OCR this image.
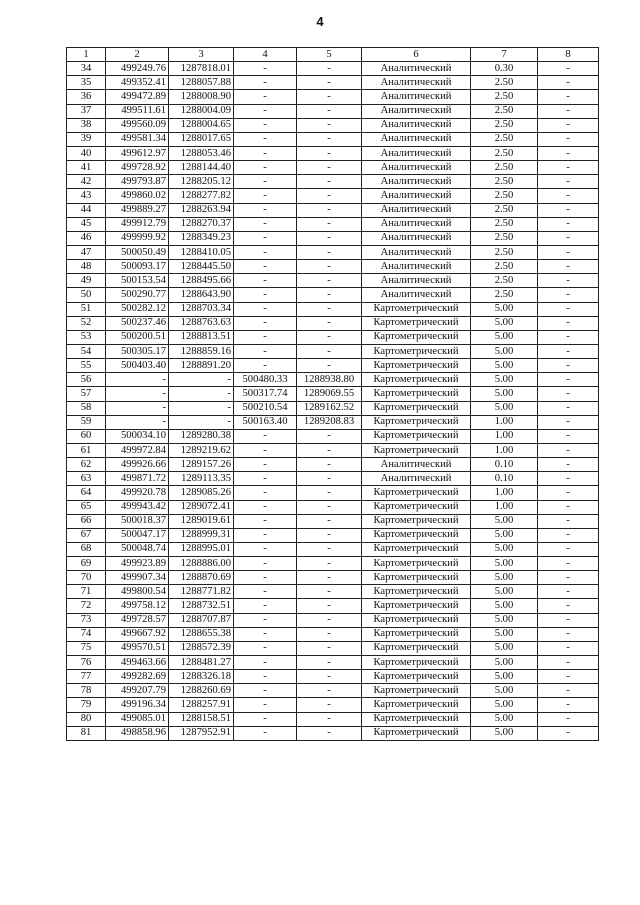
4
1	2	3	4	5	6	7	8
34	499249.76	1287818.01	-	-	Аналитический	0.30	-
35	499352.41	1288057.88	-	-	Аналитический	2.50	-
36	499472.89	1288008.90	-	-	Аналитический	2.50	-
37	499511.61	1288004.09	-	-	Аналитический	2.50	-
38	499560.09	1288004.65	-	-	Аналитический	2.50	-
39	499581.34	1288017.65	-	-	Аналитический	2.50	-
40	499612.97	1288053.46	-	-	Аналитический	2.50	-
41	499728.92	1288144.40	-	-	Аналитический	2.50	-
42	499793.87	1288205.12	-	-	Аналитический	2.50	-
43	499860.02	1288277.82	-	-	Аналитический	2.50	-
44	499889.27	1288263.94	-	-	Аналитический	2.50	-
45	499912.79	1288270.37	-	-	Аналитический	2.50	-
46	499999.92	1288349.23	-	-	Аналитический	2.50	-
47	500050.49	1288410.05	-	-	Аналитический	2.50	-
48	500093.17	1288445.50	-	-	Аналитический	2.50	-
49	500153.54	1288495.66	-	-	Аналитический	2.50	-
50	500290.77	1288643.90	-	-	Аналитический	2.50	-
51	500282.12	1288703.34	-	-	Картометрический	5.00	-
52	500237.46	1288763.63	-	-	Картометрический	5.00	-
53	500200.51	1288813.51	-	-	Картометрический	5.00	-
54	500305.17	1288859.16	-	-	Картометрический	5.00	-
55	500403.40	1288891.20	-	-	Картометрический	5.00	-
56	-	-	500480.33	1288938.80	Картометрический	5.00	-
57	-	-	500317.74	1289069.55	Картометрический	5.00	-
58	-	-	500210.54	1289162.52	Картометрический	5.00	-
59	-	-	500163.40	1289208.83	Картометрический	1.00	-
60	500034.10	1289280.38	-	-	Картометрический	1.00	-
61	499972.84	1289219.62	-	-	Картометрический	1.00	-
62	499926.66	1289157.26	-	-	Аналитический	0.10	-
63	499871.72	1289113.35	-	-	Аналитический	0.10	-
64	499920.78	1289085.26	-	-	Картометрический	1.00	-
65	499943.42	1289072.41	-	-	Картометрический	1.00	-
66	500018.37	1289019.61	-	-	Картометрический	5.00	-
67	500047.17	1288999.31	-	-	Картометрический	5.00	-
68	500048.74	1288995.01	-	-	Картометрический	5.00	-
69	499923.89	1288886.00	-	-	Картометрический	5.00	-
70	499907.34	1288870.69	-	-	Картометрический	5.00	-
71	499800.54	1288771.82	-	-	Картометрический	5.00	-
72	499758.12	1288732.51	-	-	Картометрический	5.00	-
73	499728.57	1288707.87	-	-	Картометрический	5.00	-
74	499667.92	1288655.38	-	-	Картометрический	5.00	-
75	499570.51	1288572.39	-	-	Картометрический	5.00	-
76	499463.66	1288481.27	-	-	Картометрический	5.00	-
77	499282.69	1288326.18	-	-	Картометрический	5.00	-
78	499207.79	1288260.69	-	-	Картометрический	5.00	-
79	499196.34	1288257.91	-	-	Картометрический	5.00	-
80	499085.01	1288158.51	-	-	Картометрический	5.00	-
81	498858.96	1287952.91	-	-	Картометрический	5.00	-
